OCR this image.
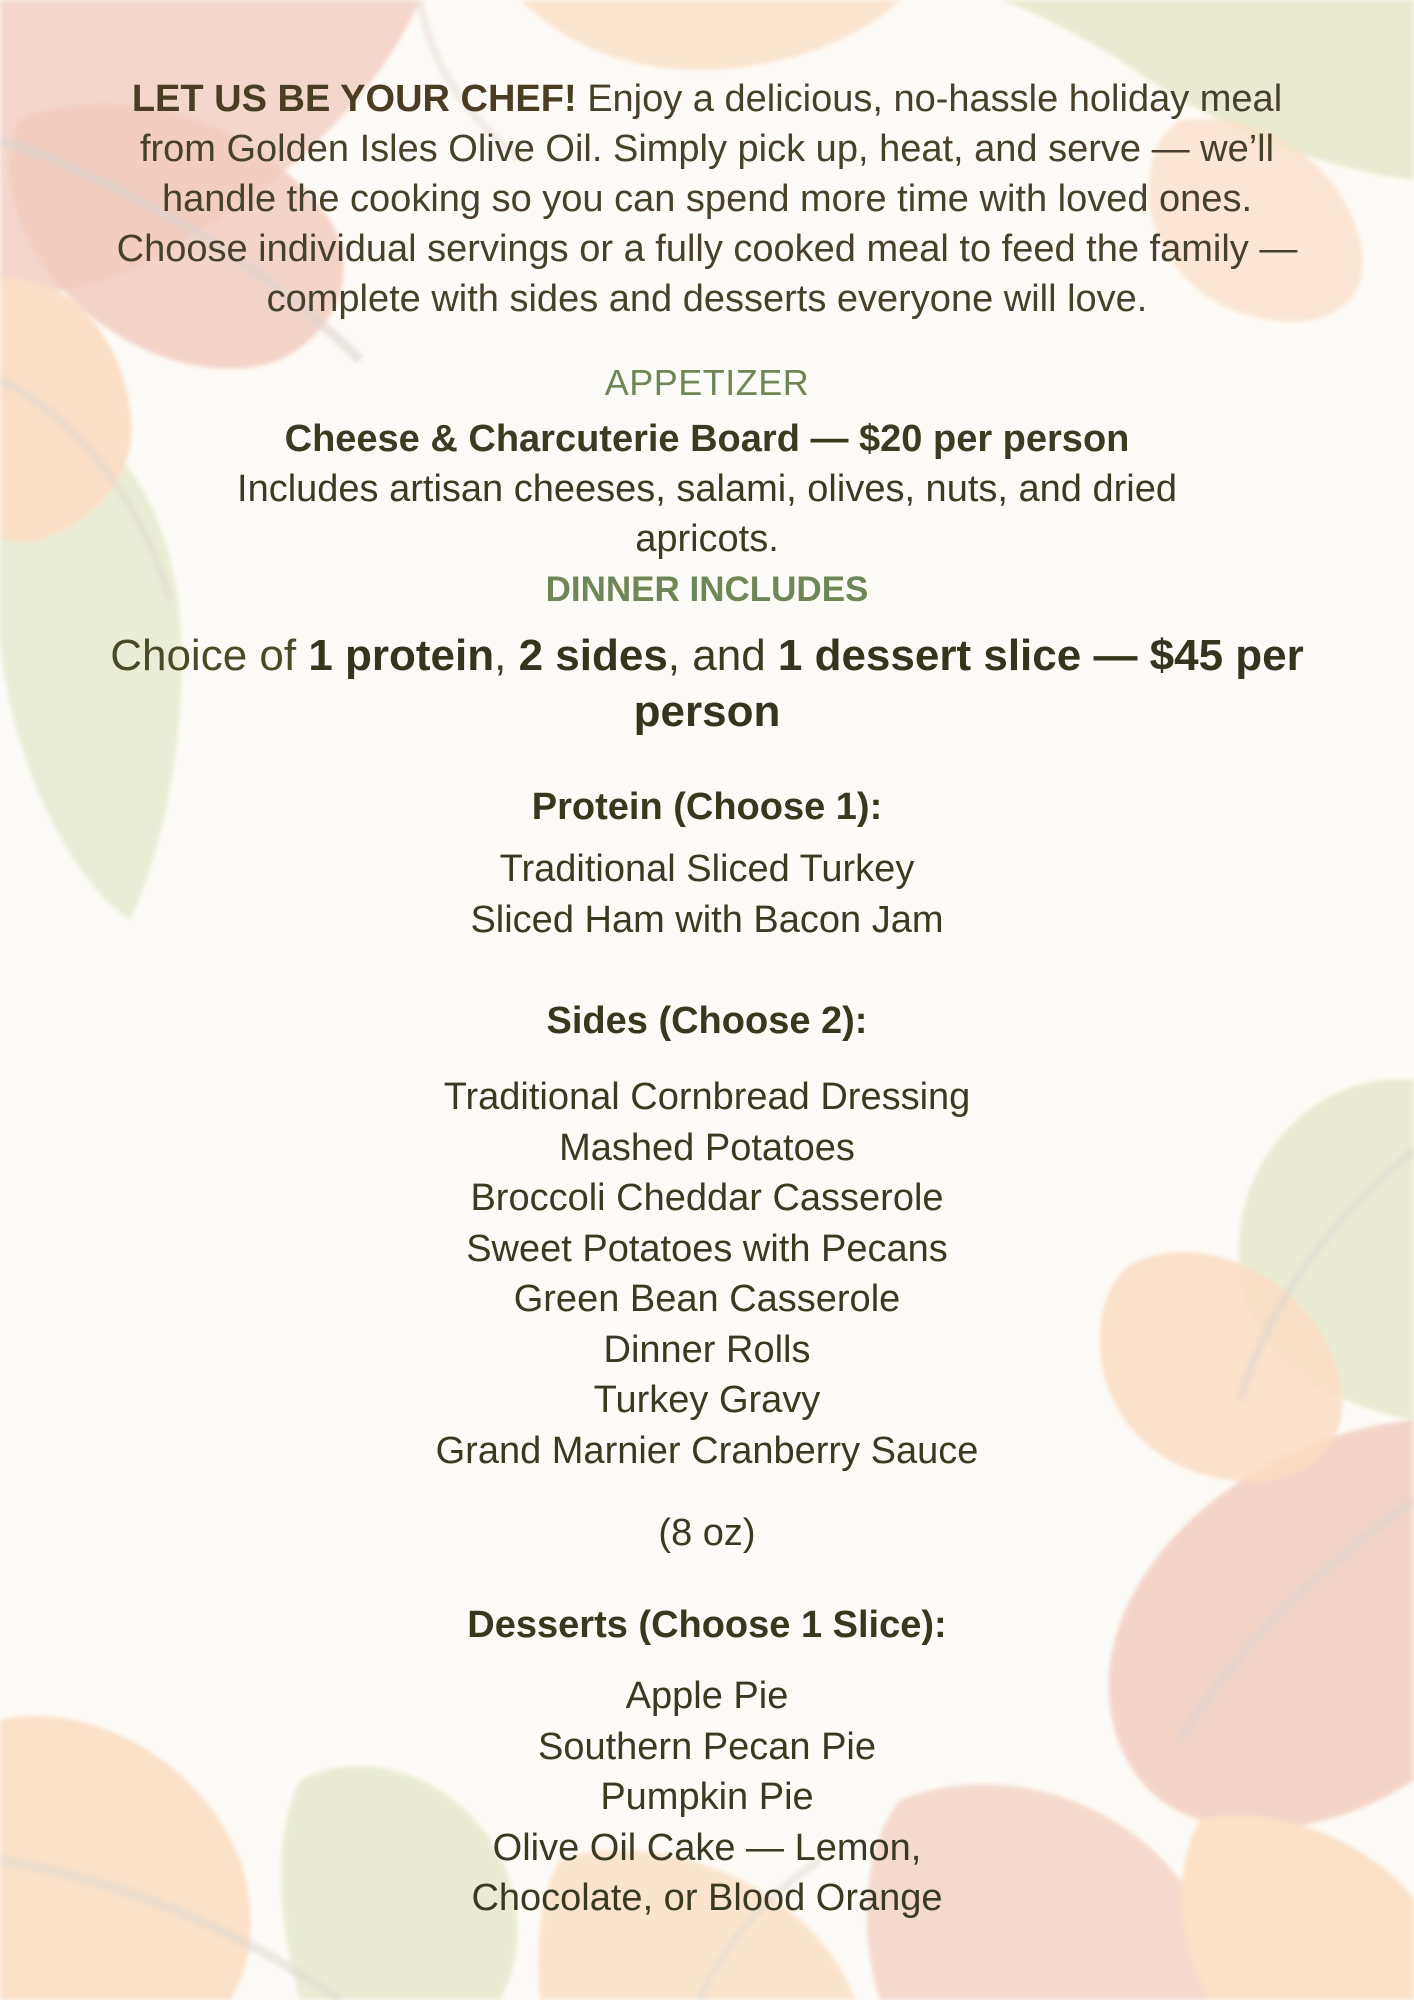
LET US BE YOUR CHEF! Enjoy a delicious, no-hassle holiday meal from Golden Isles Olive Oil. Simply pick up, heat, and serve — we’ll handle the cooking so you can spend more time with loved ones. Choose individual servings or a fully cooked meal to feed the family — complete with sides and desserts everyone will love.

APPETIZER
Cheese & Charcuterie Board — $20 per person
Includes artisan cheeses, salami, olives, nuts, and dried apricots.
DINNER INCLUDES
Choice of 1 protein, 2 sides, and 1 dessert slice — $45 per person
Protein (Choose 1):
Traditional Sliced Turkey
Sliced Ham with Bacon Jam
Sides (Choose 2):
Traditional Cornbread Dressing
Mashed Potatoes
Broccoli Cheddar Casserole
Sweet Potatoes with Pecans
Green Bean Casserole
Dinner Rolls
Turkey Gravy
Grand Marnier Cranberry Sauce
(8 oz)
Desserts (Choose 1 Slice):
Apple Pie
Southern Pecan Pie
Pumpkin Pie
Olive Oil Cake — Lemon,
Chocolate, or Blood Orange
